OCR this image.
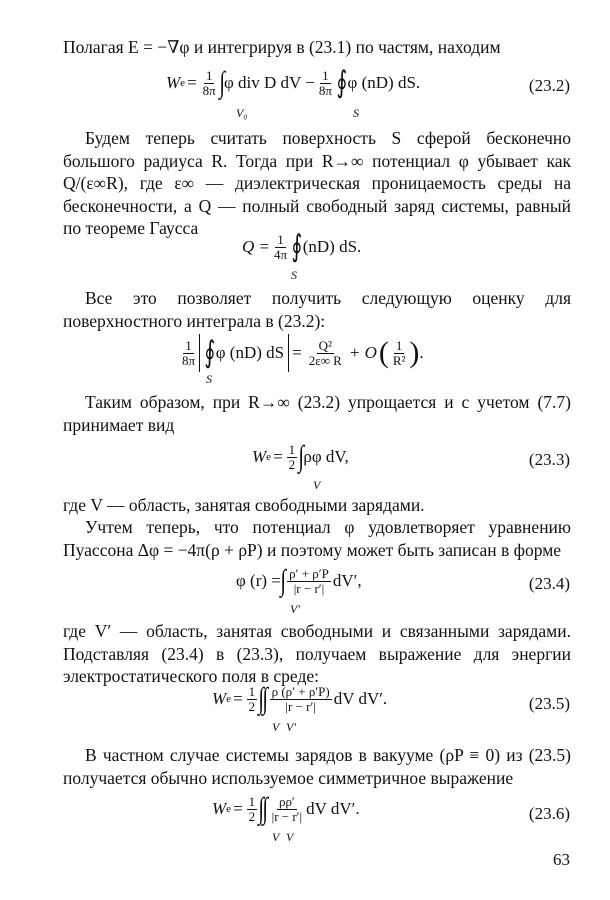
Полагая E = −∇φ и интегрируя в (23.1) по частям, находим
W $e = \frac{1}{8\pi}$ ∫ φ div D dV − $\frac{1}{8\pi}$ ∮ φ (nD) dS.
V₀	S
(23.2)
Будем теперь считать поверхность S сферой бесконечно большого радиуса R. Тогда при R→∞ потенциал φ убывает как Q/(ε∞R), где ε∞ — диэлектрическая проницаемость среды на бесконечности, а Q — полный свободный заряд системы, равный по теореме Гаусса
$Q = \frac{1}{4\pi}$ ∮ (nD) dS.
S
Все это позволяет получить следующую оценку для поверхностного интеграла в (23.2):
$\frac{1}{8\pi}$ ∮ φ (nD) dS = $\frac{\text{Q²}}{2\varepsilon\infty R} + O$ ( $\frac{1}{\text{R²}}$ ) .
S
Таким образом, при R→∞ (23.2) упрощается и с учетом (7.7) принимает вид
W $e = \frac{1}{2}$ ∫ ρφ dV,
V
(23.3)
где V — область, занятая свободными зарядами.
Учтем теперь, что потенциал φ удовлетворяет уравнению Пуассона Δφ = −4π(ρ + ρP) и поэтому может быть записан в форме
φ (r) = ∫ $\frac{\rho' + \rho'P}{|r - r'|} dV'$,
V′
(23.4)
где V′ — область, занятая свободными и связанными зарядами. Подставляя (23.4) в (23.3), получаем выражение для энергии электростатического поля в среде:
W $e = \frac{1}{2}$ ∫
∫ $\frac{\rho (\rho' + \rho'P)}{|r - r'|}$ dV dV′.
V V′
(23.5)
В частном случае системы зарядов в вакууме (ρP ≡ 0) из (23.5) получается обычно используемое симметричное выражение
W $e = \frac{1}{2}$ ∫
∫ $\frac{\rho\rho'}{|r - r'|}$ dV dV′.
V V
(23.6)
63
